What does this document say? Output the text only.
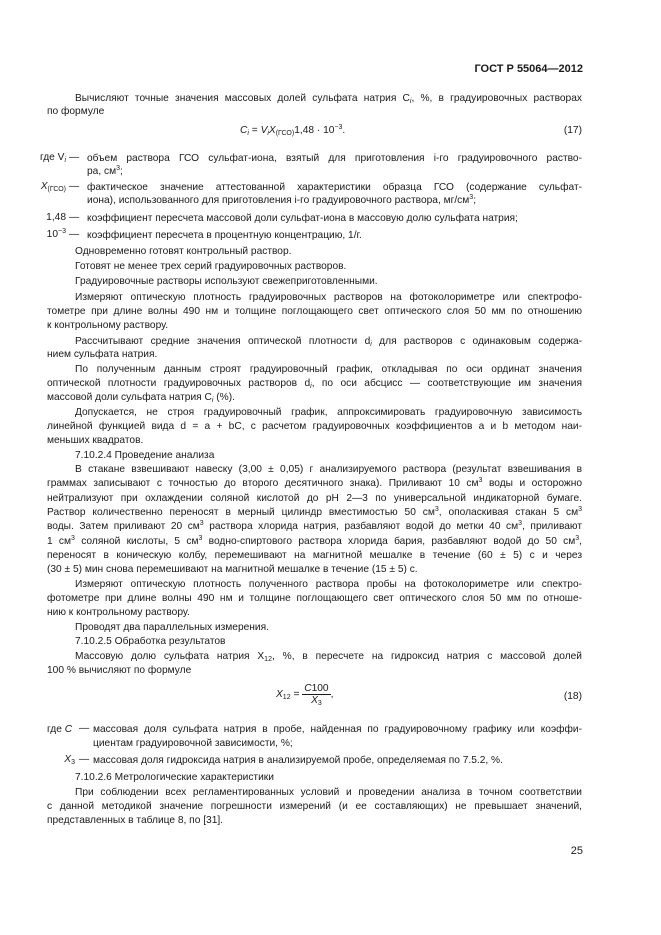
ГОСТ Р 55064—2012
Вычисляют точные значения массовых долей сульфата натрия $C_i$, %, в градуировочных растворах
по формуле
$C_i = V_iX_{(ГСО)}1,48 \cdot 10^{-3}$.	(17)
где $V_i$ — объем раствора ГСО сульфат-иона, взятый для приготовления i-го градуировочного раство-
ра, $см^3$;
$X_{(ГСО)}$ — фактическое значение аттестованной характеристики образца ГСО (содержание сульфат-
иона), использованного для приготовления i-го градуировочного раствора, $мг/см^3$;
1,48 — коэффициент пересчета массовой доли сульфат-иона в массовую долю сульфата натрия;
$10^{-3}$ — коэффициент пересчета в процентную концентрацию, 1/г.
Одновременно готовят контрольный раствор.
Готовят не менее трех серий градуировочных растворов.
Градуировочные растворы используют свежеприготовленными.
Измеряют оптическую плотность градуировочных растворов на фотоколориметре или спектрофо-
тометре при длине волны 490 нм и толщине поглощающего свет оптического слоя 50 мм по отношению
к контрольному раствору.
Рассчитывают средние значения оптической плотности $d_i$ для растворов с одинаковым содержа-
нием сульфата натрия.
По полученным данным строят градуировочный график, откладывая по оси ординат значения
оптической плотности градуировочных растворов $d_i$, по оси абсцисс — соответствующие им значения
массовой доли сульфата натрия $C_i$ (%).
Допускается, не строя градуировочный график, аппроксимировать градуировочную зависимость
линейной функцией вида d = a + bC, с расчетом градуировочных коэффициентов a и b методом наи-
меньших квадратов.
7.10.2.4 Проведение анализа
В стакане взвешивают навеску (3,00 ± 0,05) г анализируемого раствора (результат взвешивания в
граммах записывают с точностью до второго десятичного знака). Приливают 10 $см^3$ воды и осторожно
нейтрализуют при охлаждении соляной кислотой до pH 2—3 по универсальной индикаторной бумаге.
Раствор количественно переносят в мерный цилиндр вместимостью 50 $см^3$, ополаскивая стакан 5 $см^3$
воды. Затем приливают 20 $см^3$ раствора хлорида натрия, разбавляют водой до метки 40 $см^3$, приливают
1 $см^3$ соляной кислоты, 5 $см^3$ водно-спиртового раствора хлорида бария, разбавляют водой до 50 $см^3$,
переносят в коническую колбу, перемешивают на магнитной мешалке в течение (60 ± 5) с и через
(30 ± 5) мин снова перемешивают на магнитной мешалке в течение (15 ± 5) с.
Измеряют оптическую плотность полученного раствора пробы на фотоколориметре или спектро-
фотометре при длине волны 490 нм и толщине поглощающего свет оптического слоя 50 мм по отноше-
нию к контрольному раствору.
Проводят два параллельных измерения.
7.10.2.5 Обработка результатов
Массовую долю сульфата натрия $X_{12}$, %, в пересчете на гидроксид натрия с массовой долей
100 % вычисляют по формуле
$X_{12} = \frac{C100}{X_3}$ ,	(18)
где C — массовая доля сульфата натрия в пробе, найденная по градуировочному графику или коэффи-
циентам градуировочной зависимости, %;
$X_3$ — массовая доля гидроксида натрия в анализируемой пробе, определяемая по 7.5.2, %.
7.10.2.6 Метрологические характеристики
При соблюдении всех регламентированных условий и проведении анализа в точном соответствии
с данной методикой значение погрешности измерений (и ее составляющих) не превышает значений,
представленных в таблице 8, по [31].
25
